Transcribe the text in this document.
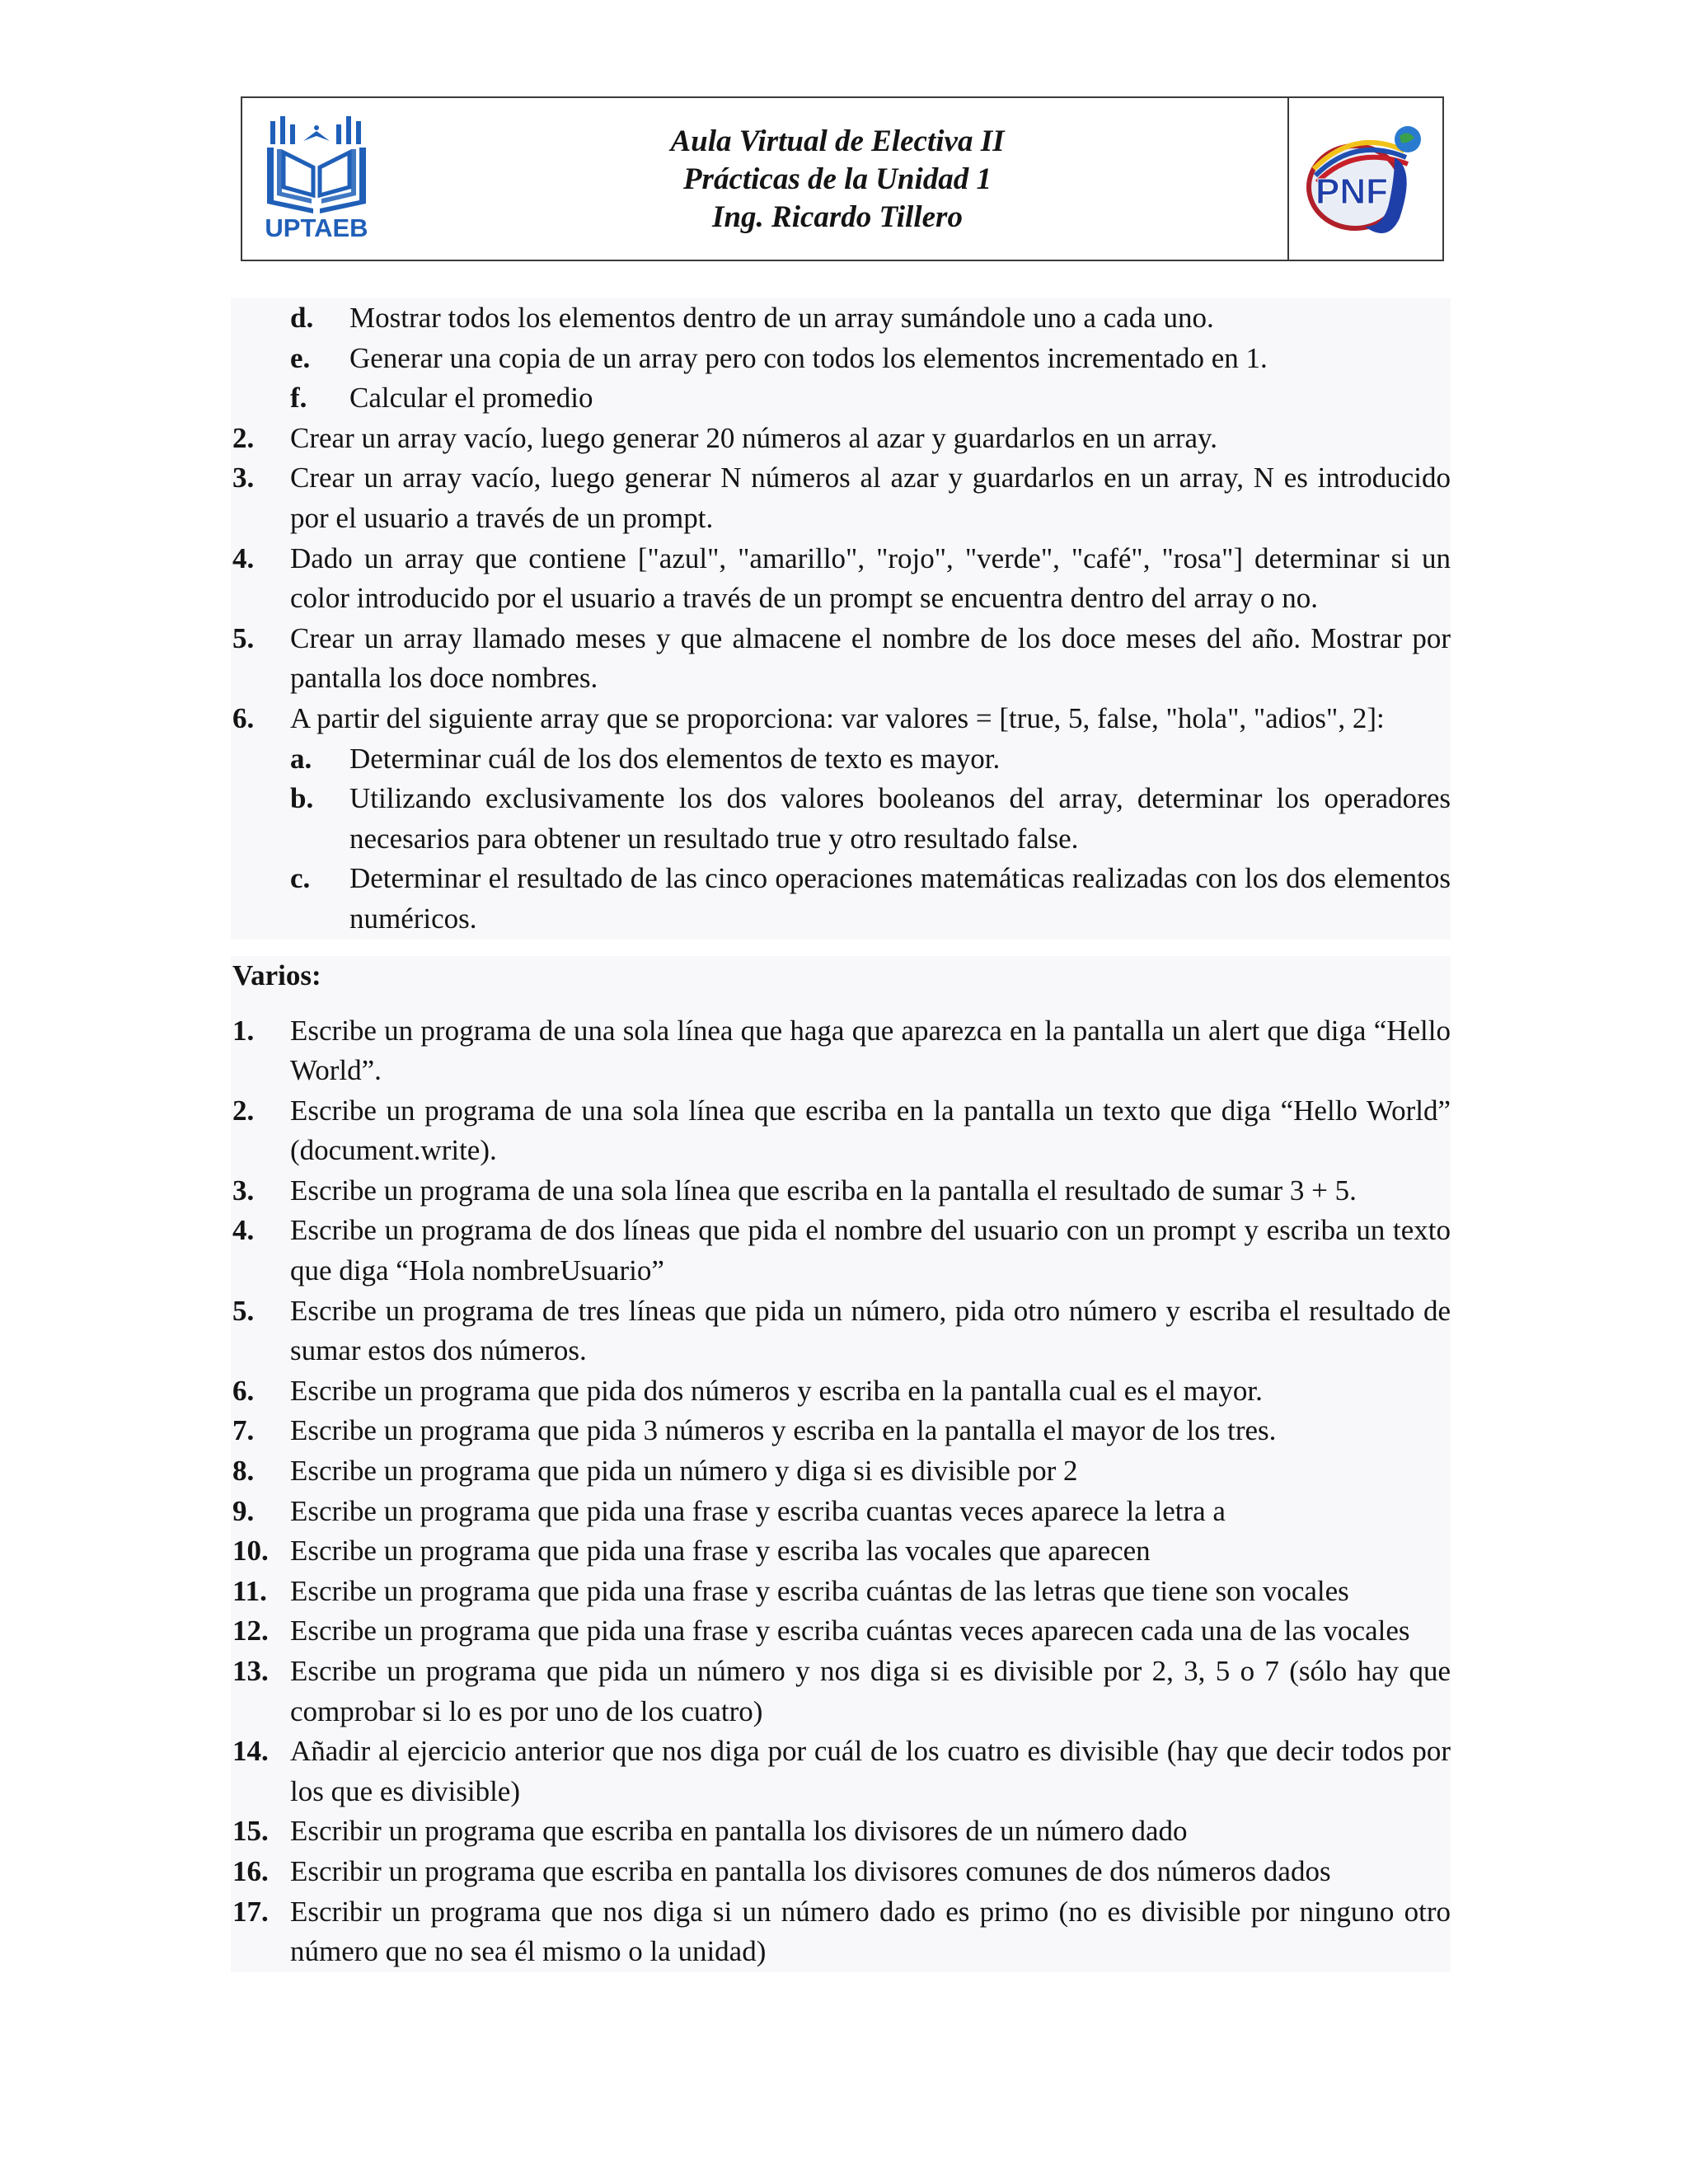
UPTAEB
Aula Virtual de Electiva II
Prácticas de la Unidad 1
Ing. Ricardo Tillero
PNF
d. Mostrar todos los elementos dentro de un array sumándole uno a cada uno.
e. Generar una copia de un array pero con todos los elementos incrementado en 1.
f. Calcular el promedio
2. Crear un array vacío, luego generar 20 números al azar y guardarlos en un array.
3. Crear un array vacío, luego generar N números al azar y guardarlos en un array, N es introducido por el usuario a través de un prompt.
4. Dado un array que contiene ["azul", "amarillo", "rojo", "verde", "café", "rosa"] determinar si un color introducido por el usuario a través de un prompt se encuentra dentro del array o no.
5. Crear un array llamado meses y que almacene el nombre de los doce meses del año. Mostrar por pantalla los doce nombres.
6. A partir del siguiente array que se proporciona: var valores = [true, 5, false, "hola", "adios", 2]:
a. Determinar cuál de los dos elementos de texto es mayor.
b. Utilizando exclusivamente los dos valores booleanos del array, determinar los operadores necesarios para obtener un resultado true y otro resultado false.
c. Determinar el resultado de las cinco operaciones matemáticas realizadas con los dos elementos numéricos.
Varios:
1. Escribe un programa de una sola línea que haga que aparezca en la pantalla un alert que diga “Hello World”.
2. Escribe un programa de una sola línea que escriba en la pantalla un texto que diga “Hello World” (document.write).
3. Escribe un programa de una sola línea que escriba en la pantalla el resultado de sumar 3 + 5.
4. Escribe un programa de dos líneas que pida el nombre del usuario con un prompt y escriba un texto que diga “Hola nombreUsuario”
5. Escribe un programa de tres líneas que pida un número, pida otro número y escriba el resultado de sumar estos dos números.
6. Escribe un programa que pida dos números y escriba en la pantalla cual es el mayor.
7. Escribe un programa que pida 3 números y escriba en la pantalla el mayor de los tres.
8. Escribe un programa que pida un número y diga si es divisible por 2
9. Escribe un programa que pida una frase y escriba cuantas veces aparece la letra a
10. Escribe un programa que pida una frase y escriba las vocales que aparecen
11. Escribe un programa que pida una frase y escriba cuántas de las letras que tiene son vocales
12. Escribe un programa que pida una frase y escriba cuántas veces aparecen cada una de las vocales
13. Escribe un programa que pida un número y nos diga si es divisible por 2, 3, 5 o 7 (sólo hay que comprobar si lo es por uno de los cuatro)
14. Añadir al ejercicio anterior que nos diga por cuál de los cuatro es divisible (hay que decir todos por los que es divisible)
15. Escribir un programa que escriba en pantalla los divisores de un número dado
16. Escribir un programa que escriba en pantalla los divisores comunes de dos números dados
17. Escribir un programa que nos diga si un número dado es primo (no es divisible por ninguno otro número que no sea él mismo o la unidad)
